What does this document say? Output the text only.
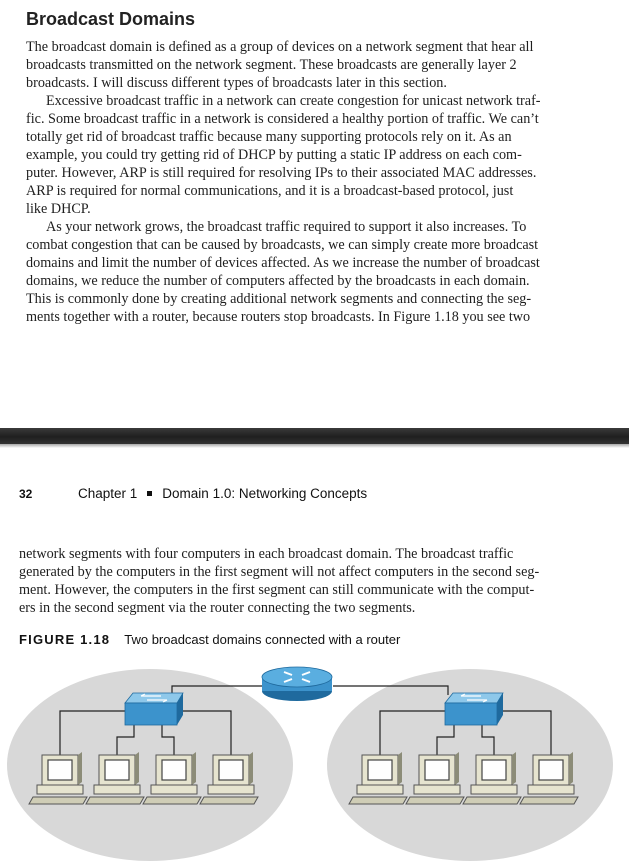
Broadcast Domains
The broadcast domain is defined as a group of devices on a network segment that hear all
broadcasts transmitted on the network segment. These broadcasts are generally layer 2
broadcasts. I will discuss different types of broadcasts later in this section.
Excessive broadcast traffic in a network can create congestion for unicast network traf-
fic. Some broadcast traffic in a network is considered a healthy portion of traffic. We can’t
totally get rid of broadcast traffic because many supporting protocols rely on it. As an
example, you could try getting rid of DHCP by putting a static IP address on each com-
puter. However, ARP is still required for resolving IPs to their associated MAC addresses.
ARP is required for normal communications, and it is a broadcast-based protocol, just
like DHCP.
As your network grows, the broadcast traffic required to support it also increases. To
combat congestion that can be caused by broadcasts, we can simply create more broadcast
domains and limit the number of devices affected. As we increase the number of broadcast
domains, we reduce the number of computers affected by the broadcasts in each domain.
This is commonly done by creating additional network segments and connecting the seg-
ments together with a router, because routers stop broadcasts. In Figure 1.18 you see two
32	Chapter 1 Domain 1.0: Networking Concepts
network segments with four computers in each broadcast domain. The broadcast traffic
generated by the computers in the first segment will not affect computers in the second seg-
ment. However, the computers in the first segment can still communicate with the comput-
ers in the second segment via the router connecting the two segments.
FIGURE 1.18 Two broadcast domains connected with a router
